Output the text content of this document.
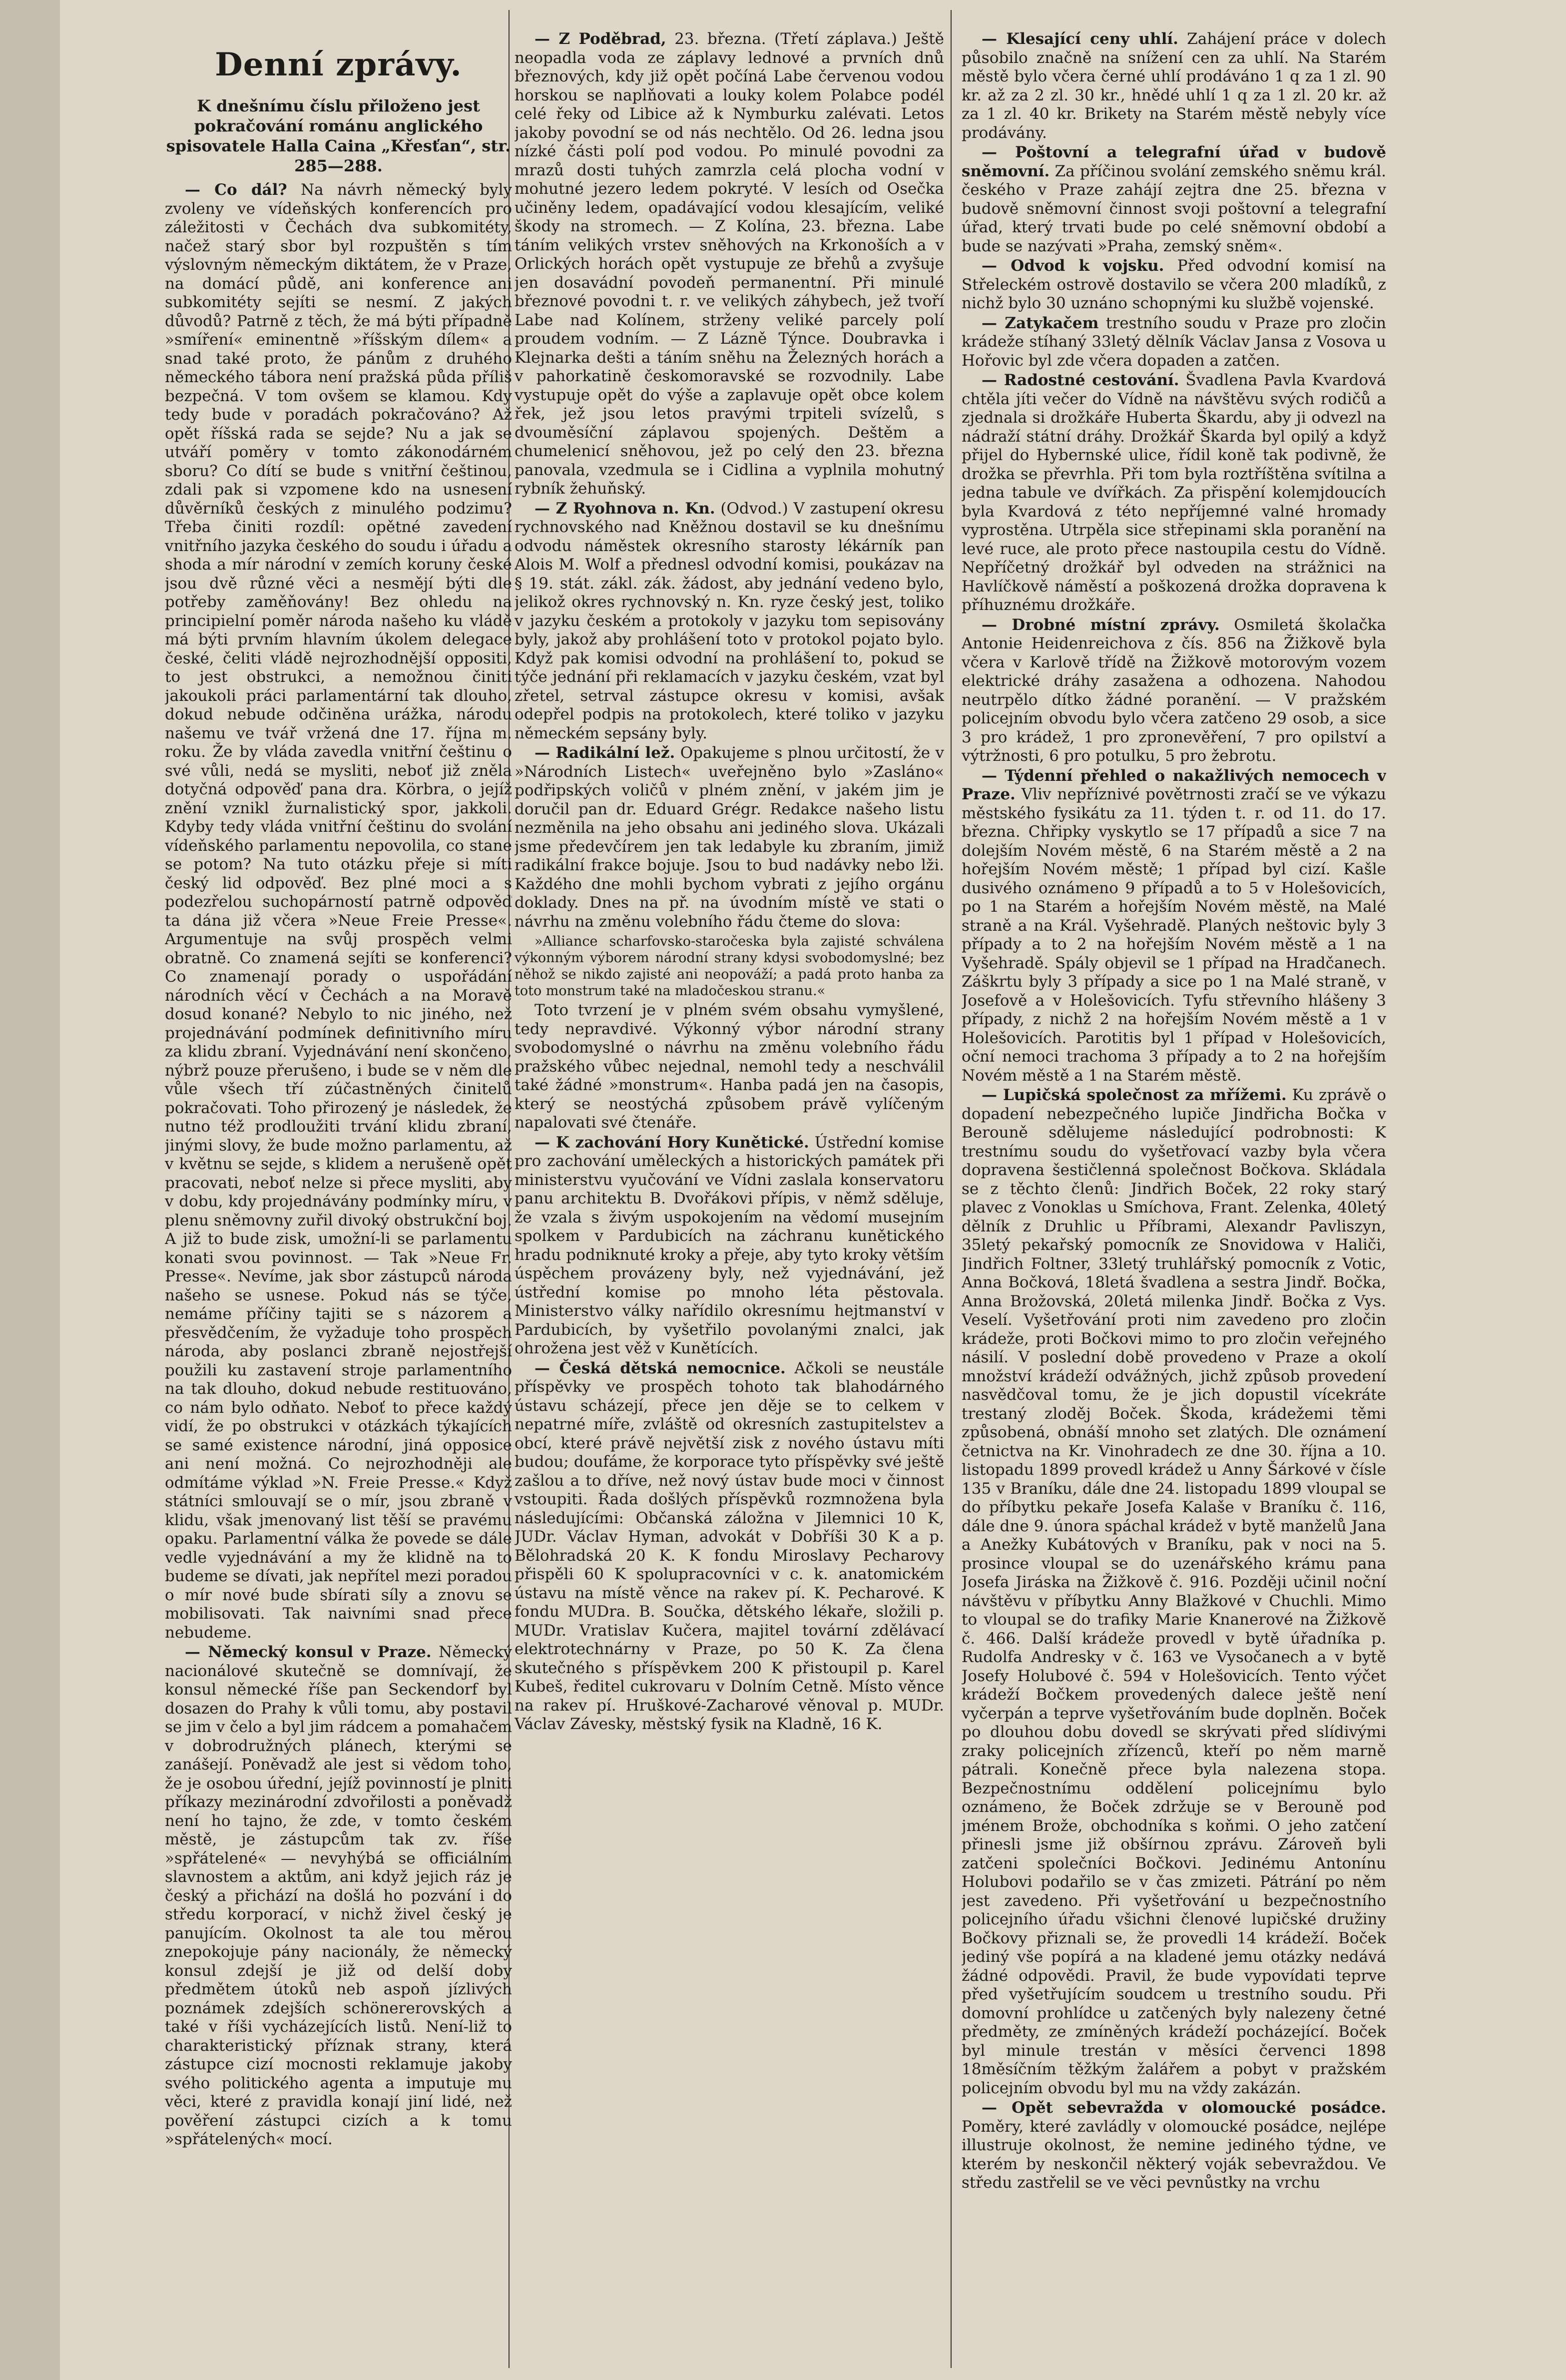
Denní zprávy.
K dnešnímu číslu přiloženo jest pokračování románu anglického spisovatele Halla Caina „Křesťan“, str. 285—288.

— Co dál? Na návrh německý byly zvoleny ve vídeňských konferencích pro záležitosti v Čechách dva subkomitéty, načež starý sbor byl rozpuštěn s tím výslovným německým diktátem, že v Praze, na domácí půdě, ani konference ani subkomitéty sejíti se nesmí. Z jakých důvodů? Patrně z těch, že má býti případně »smíření« eminentně »říšským dílem« a snad také proto, že pánům z druhého německého tábora není pražská půda příliš bezpečná. V tom ovšem se klamou. Kdy tedy bude v poradách pokračováno? Až opět říšská rada se sejde? Nu a jak se utváří poměry v tomto zákonodárném sboru? Co dítí se bude s vnitřní češtinou, zdali pak si vzpomene kdo na usnesení důvěrníků českých z minulého podzimu? Třeba činiti rozdíl: opětné zavedení vnitřního jazyka českého do soudu i úřadu a shoda a mír národní v zemích koruny české jsou dvě různé věci a nesmějí býti dle potřeby zaměňovány! Bez ohledu na principielní poměr národa našeho ku vládě má býti prvním hlavním úkolem delegace české, čeliti vládě nejrozhodnější oppositi, to jest obstrukci, a nemožnou činiti jakoukoli práci parlamentární tak dlouho, dokud nebude odčiněna urážka, národu našemu ve tvář vržená dne 17. října m. roku. Že by vláda zavedla vnitřní češtinu o své vůli, nedá se mysliti, neboť již zněla dotyčná odpověď pana dra. Körbra, o jejíž znění vznikl žurnalistický spor, jakkoli. Kdyby tedy vláda vnitřní češtinu do svolání vídeňského parlamentu nepovolila, co stane se potom? Na tuto otázku přeje si míti český lid odpověď. Bez plné moci a s podezřelou suchopárností patrně odpověď ta dána již včera »Neue Freie Presse«. Argumentuje na svůj prospěch velmi obratně. Co znamená sejíti se konferenci? Co znamenají porady o uspořádání národních věcí v Čechách a na Moravě dosud konané? Nebylo to nic jiného, než projednávání podmínek definitivního míru za klidu zbraní. Vyjednávání není skončeno, nýbrž pouze přerušeno, i bude se v něm dle vůle všech tří zúčastněných činitelů pokračovati. Toho přirozený je následek, že nutno též prodloužiti trvání klidu zbraní, jinými slovy, že bude možno parlamentu, až v květnu se sejde, s klidem a nerušeně opět pracovati, neboť nelze si přece mysliti, aby v dobu, kdy projednávány podmínky míru, v plenu sněmovny zuřil divoký obstrukční boj. A již to bude zisk, umožní-li se parlamentu konati svou povinnost. — Tak »Neue Fr. Presse«. Nevíme, jak sbor zástupců národa našeho se usnese. Pokud nás se týče, nemáme příčiny tajiti se s názorem a přesvědčením, že vyžaduje toho prospěch národa, aby poslanci zbraně nejostřejší použili ku zastavení stroje parlamentního na tak dlouho, dokud nebude restituováno, co nám bylo odňato. Neboť to přece každý vidí, že po obstrukci v otázkách týkajících se samé existence národní, jiná opposice ani není možná. Co nejrozhodněji ale odmítáme výklad »N. Freie Presse.« Když státníci smlouvají se o mír, jsou zbraně v klidu, však jmenovaný list těší se pravému opaku. Parlamentní válka že povede se dále vedle vyjednávání a my že klidně na to budeme se dívati, jak nepřítel mezi poradou o mír nové bude sbírati síly a znovu se mobilisovati. Tak naivními snad přece nebudeme.

— Německý konsul v Praze. Německý nacionálové skutečně se domnívají, že konsul německé říše pan Seckendorf byl dosazen do Prahy k vůli tomu, aby postavil se jim v čelo a byl jim rádcem a pomahačem v dobrodružných plánech, kterými se zanášejí. Poněvadž ale jest si vědom toho, že je osobou úřední, jejíž povinností je plniti příkazy mezinárodní zdvořilosti a poněvadž není ho tajno, že zde, v tomto českém městě, je zástupcům tak zv. říše »spřátelené« — nevyhýbá se officiálním slavnostem a aktům, ani když jejich ráz je český a přichází na došlá ho pozvání i do středu korporací, v nichž živel český je panujícím. Okolnost ta ale tou měrou znepokojuje pány nacionály, že německý konsul zdejší je již od delší doby předmětem útoků neb aspoň jízlivých poznámek zdejších schönererovských a také v říši vycházejících listů. Není-liž to charakteristický příznak strany, která zástupce cizí mocnosti reklamuje jakoby svého politického agenta a imputuje mu věci, které z pravidla konají jiní lidé, než pověření zástupci cizích a k tomu »spřátelených« mocí.

— Z Poděbrad, 23. března. (Třetí záplava.) Ještě neopadla voda ze záplavy lednové a prvních dnů březnových, kdy již opět počíná Labe červenou vodou horskou se naplňovati a louky kolem Polabce podél celé řeky od Libice až k Nymburku zalévati. Letos jakoby povodní se od nás nechtělo. Od 26. ledna jsou nízké části polí pod vodou. Po minulé povodni za mrazů dosti tuhých zamrzla celá plocha vodní v mohutné jezero ledem pokryté. V lesích od Osečka učiněny ledem, opadávající vodou klesajícím, veliké škody na stromech. — Z Kolína, 23. března. Labe táním velikých vrstev sněhových na Krkonoších a v Orlických horách opět vystupuje ze břehů a zvyšuje jen dosavádní povodeň permanentní. Při minulé březnové povodni t. r. ve velikých záhybech, jež tvoří Labe nad Kolínem, strženy veliké parcely polí proudem vodním. — Z Lázně Týnce. Doubravka i Klejnarka dešti a táním sněhu na Železných horách a v pahorkatině českomoravské se rozvodnily. Labe vystupuje opět do výše a zaplavuje opět obce kolem řek, jež jsou letos pravými trpiteli svízelů, s dvouměsíční záplavou spojených. Deštěm a chumelenicí sněhovou, jež po celý den 23. března panovala, vzedmula se i Cidlina a vyplnila mohutný rybník žehuňský.

— Z Ryohnova n. Kn. (Odvod.) V zastupení okresu rychnovského nad Kněžnou dostavil se ku dnešnímu odvodu náměstek okresního starosty lékárník pan Alois M. Wolf a přednesl odvodní komisi, poukázav na § 19. stát. zákl. zák. žádost, aby jednání vedeno bylo, jelikož okres rychnovský n. Kn. ryze český jest, toliko v jazyku českém a protokoly v jazyku tom sepisovány byly, jakož aby prohlášení toto v protokol pojato bylo. Když pak komisi odvodní na prohlášení to, pokud se týče jednání při reklamacích v jazyku českém, vzat byl zřetel, setrval zástupce okresu v komisi, avšak odepřel podpis na protokolech, které toliko v jazyku německém sepsány byly.

— Radikální lež. Opakujeme s plnou určitostí, že v »Národních Listech« uveřejněno bylo »Zasláno« podřipských voličů v plném znění, v jakém jim je doručil pan dr. Eduard Grégr. Redakce našeho listu nezměnila na jeho obsahu ani jediného slova. Ukázali jsme předevčírem jen tak ledabyle ku zbraním, jimiž radikální frakce bojuje. Jsou to bud nadávky nebo lži. Každého dne mohli bychom vybrati z jejího orgánu doklady. Dnes na př. na úvodním místě ve stati o návrhu na změnu volebního řádu čteme do slova:

»Alliance scharfovsko-staročeska byla zajisté schválena výkonným výborem národní strany kdysi svobodomyslné; bez něhož se nikdo zajisté ani neopováží; a padá proto hanba za toto monstrum také na mladočeskou stranu.«

Toto tvrzení je v plném svém obsahu vymyšlené, tedy nepravdivé. Výkonný výbor národní strany svobodomyslné o návrhu na změnu volebního řádu pražského vůbec nejednal, nemohl tedy a neschválil také žádné »monstrum«. Hanba padá jen na časopis, který se neostýchá způsobem právě vylíčeným napalovati své čtenáře.

— K zachování Hory Kunětické. Ústřední komise pro zachování uměleckých a historických památek při ministerstvu vyučování ve Vídni zaslala konservatoru panu architektu B. Dvořákovi přípis, v němž sděluje, že vzala s živým uspokojením na vědomí musejním spolkem v Pardubicích na záchranu kunětického hradu podniknuté kroky a přeje, aby tyto kroky větším úspěchem provázeny byly, než vyjednávání, jež ústřední komise po mnoho léta pěstovala. Ministerstvo války nařídilo okresnímu hejtmanství v Pardubicích, by vyšetřilo povolanými znalci, jak ohrožena jest věž v Kunětících.

— Česká dětská nemocnice. Ačkoli se neustále příspěvky ve prospěch tohoto tak blahodárného ústavu scházejí, přece jen děje se to celkem v nepatrné míře, zvláště od okresních zastupitelstev a obcí, které právě největší zisk z nového ústavu míti budou; doufáme, že korporace tyto příspěvky své ještě zašlou a to dříve, než nový ústav bude moci v činnost vstoupiti. Řada došlých příspěvků rozmnožena byla následujícími: Občanská záložna v Jilemnici 10 K, JUDr. Václav Hyman, advokát v Dobříši 30 K a p. Bělohradská 20 K. K fondu Miroslavy Pecharovy přispěli 60 K spolupracovníci v c. k. anatomickém ústavu na místě věnce na rakev pí. K. Pecharové. K fondu MUDra. B. Součka, dětského lékaře, složili p. MUDr. Vratislav Kučera, majitel tovární zdělávací elektrotechnárny v Praze, po 50 K. Za člena skutečného s příspěvkem 200 K přistoupil p. Karel Kubeš, ředitel cukrovaru v Dolním Cetně. Místo věnce na rakev pí. Hruškové-Zacharové věnoval p. MUDr. Václav Závesky, městský fysik na Kladně, 16 K.

— Klesající ceny uhlí. Zahájení práce v dolech působilo značně na snížení cen za uhlí. Na Starém městě bylo včera černé uhlí prodáváno 1 q za 1 zl. 90 kr. až za 2 zl. 30 kr., hnědé uhlí 1 q za 1 zl. 20 kr. až za 1 zl. 40 kr. Brikety na Starém městě nebyly více prodávány.

— Poštovní a telegrafní úřad v budově sněmovní. Za příčinou svolání zemského sněmu král. českého v Praze zahájí zejtra dne 25. března v budově sněmovní činnost svoji poštovní a telegrafní úřad, který trvati bude po celé sněmovní období a bude se nazývati »Praha, zemský sněm«.

— Odvod k vojsku. Před odvodní komisí na Střeleckém ostrově dostavilo se včera 200 mladíků, z nichž bylo 30 uznáno schopnými ku službě vojenské.

— Zatykačem trestního soudu v Praze pro zločin krádeže stíhaný 33letý dělník Václav Jansa z Vosova u Hořovic byl zde včera dopaden a zatčen.

— Radostné cestování. Švadlena Pavla Kvardová chtěla jíti večer do Vídně na návštěvu svých rodičů a zjednala si drožkáře Huberta Škardu, aby ji odvezl na nádraží státní dráhy. Drožkář Škarda byl opilý a když přijel do Hybernské ulice, řídil koně tak podivně, že drožka se převrhla. Při tom byla roztříštěna svítilna a jedna tabule ve dvířkách. Za přispění kolemjdoucích byla Kvardová z této nepříjemné valné hromady vyprostěna. Utrpěla sice střepinami skla poranění na levé ruce, ale proto přece nastoupila cestu do Vídně. Nepříčetný drožkář byl odveden na strážnici na Havlíčkově náměstí a poškozená drožka dopravena k příhuznému drožkáře.

— Drobné místní zprávy. Osmiletá školačka Antonie Heidenreichova z čís. 856 na Žižkově byla včera v Karlově třídě na Žižkově motorovým vozem elektrické dráhy zasažena a odhozena. Nahodou neutrpělo dítko žádné poranění. — V pražském policejním obvodu bylo včera zatčeno 29 osob, a sice 3 pro krádež, 1 pro zpronevěření, 7 pro opilství a výtržnosti, 6 pro potulku, 5 pro žebrotu.

— Týdenní přehled o nakažlivých nemocech v Praze. Vliv nepříznivé povětrnosti zračí se ve výkazu městského fysikátu za 11. týden t. r. od 11. do 17. března. Chřipky vyskytlo se 17 případů a sice 7 na dolejším Novém městě, 6 na Starém městě a 2 na hořejším Novém městě; 1 případ byl cizí. Kašle dusivého oznámeno 9 případů a to 5 v Holešovicích, po 1 na Starém a hořejším Novém městě, na Malé straně a na Král. Vyšehradě. Planých neštovic byly 3 případy a to 2 na hořejším Novém městě a 1 na Vyšehradě. Spály objevil se 1 případ na Hradčanech. Záškrtu byly 3 případy a sice po 1 na Malé straně, v Josefově a v Holešovicích. Tyfu střevního hlášeny 3 případy, z nichž 2 na hořejším Novém městě a 1 v Holešovicích. Parotitis byl 1 případ v Holešovicích, oční nemoci trachoma 3 případy a to 2 na hořejším Novém městě a 1 na Starém městě.

— Lupičská společnost za mřížemi. Ku zprávě o dopadení nebezpečného lupiče Jindřicha Bočka v Berouně sdělujeme následující podrobnosti: K trestnímu soudu do vyšetřovací vazby byla včera dopravena šestičlenná společnost Bočkova. Skládala se z těchto členů: Jindřich Boček, 22 roky starý plavec z Vonoklas u Smíchova, Frant. Zelenka, 40letý dělník z Druhlic u Příbrami, Alexandr Pavliszyn, 35letý pekařský pomocník ze Snovidowa v Haliči, Jindřich Foltner, 33letý truhlářský pomocník z Votic, Anna Bočková, 18letá švadlena a sestra Jindř. Bočka, Anna Brožovská, 20letá milenka Jindř. Bočka z Vys. Veselí. Vyšetřování proti nim zavedeno pro zločin krádeže, proti Bočkovi mimo to pro zločin veřejného násilí. V poslední době provedeno v Praze a okolí množství krádeží odvážných, jichž způsob provedení nasvědčoval tomu, že je jich dopustil vícekráte trestaný zloděj Boček. Škoda, krádežemi těmi způsobená, obnáší mnoho set zlatých. Dle oznámení četnictva na Kr. Vinohradech ze dne 30. října a 10. listopadu 1899 provedl krádež u Anny Šárkové v čísle 135 v Braníku, dále dne 24. listopadu 1899 vloupal se do příbytku pekaře Josefa Kalaše v Braníku č. 116, dále dne 9. února spáchal krádež v bytě manželů Jana a Anežky Kubátových v Braníku, pak v noci na 5. prosince vloupal se do uzenářského krámu pana Josefa Jiráska na Žižkově č. 916. Později učinil noční návštěvu v příbytku Anny Blažkové v Chuchli. Mimo to vloupal se do trafiky Marie Knanerové na Žižkově č. 466. Další krádeže provedl v bytě úřadníka p. Rudolfa Andresky v č. 163 ve Vysočanech a v bytě Josefy Holubové č. 594 v Holešovicích. Tento výčet krádeží Bočkem provedených dalece ještě není vyčerpán a teprve vyšetřováním bude doplněn. Boček po dlouhou dobu dovedl se skrývati před slídivými zraky policejních zřízenců, kteří po něm marně pátrali. Konečně přece byla nalezena stopa. Bezpečnostnímu oddělení policejnímu bylo oznámeno, že Boček zdržuje se v Berouně pod jménem Brože, obchodníka s koňmi. O jeho zatčení přinesli jsme již obšírnou zprávu. Zároveň byli zatčeni společníci Bočkovi. Jedinému Antonínu Holubovi podařilo se v čas zmizeti. Pátrání po něm jest zavedeno. Při vyšetřování u bezpečnostního policejního úřadu všichni členové lupičské družiny Bočkovy přiznali se, že provedli 14 krádeží. Boček jediný vše popírá a na kladené jemu otázky nedává žádné odpovědi. Pravil, že bude vypovídati teprve před vyšetřujícím soudcem u trestního soudu. Při domovní prohlídce u zatčených byly nalezeny četné předměty, ze zmíněných krádeží pocházející. Boček byl minule trestán v měsíci červenci 1898 18měsíčním těžkým žalářem a pobyt v pražském policejním obvodu byl mu na vždy zakázán.

— Opět sebevražda v olomoucké posádce. Poměry, které zavládly v olomoucké posádce, nejlépe illustruje okolnost, že nemine jediného týdne, ve kterém by neskončil některý voják sebevraždou. Ve středu zastřelil se ve věci pevnůstky na vrchu
